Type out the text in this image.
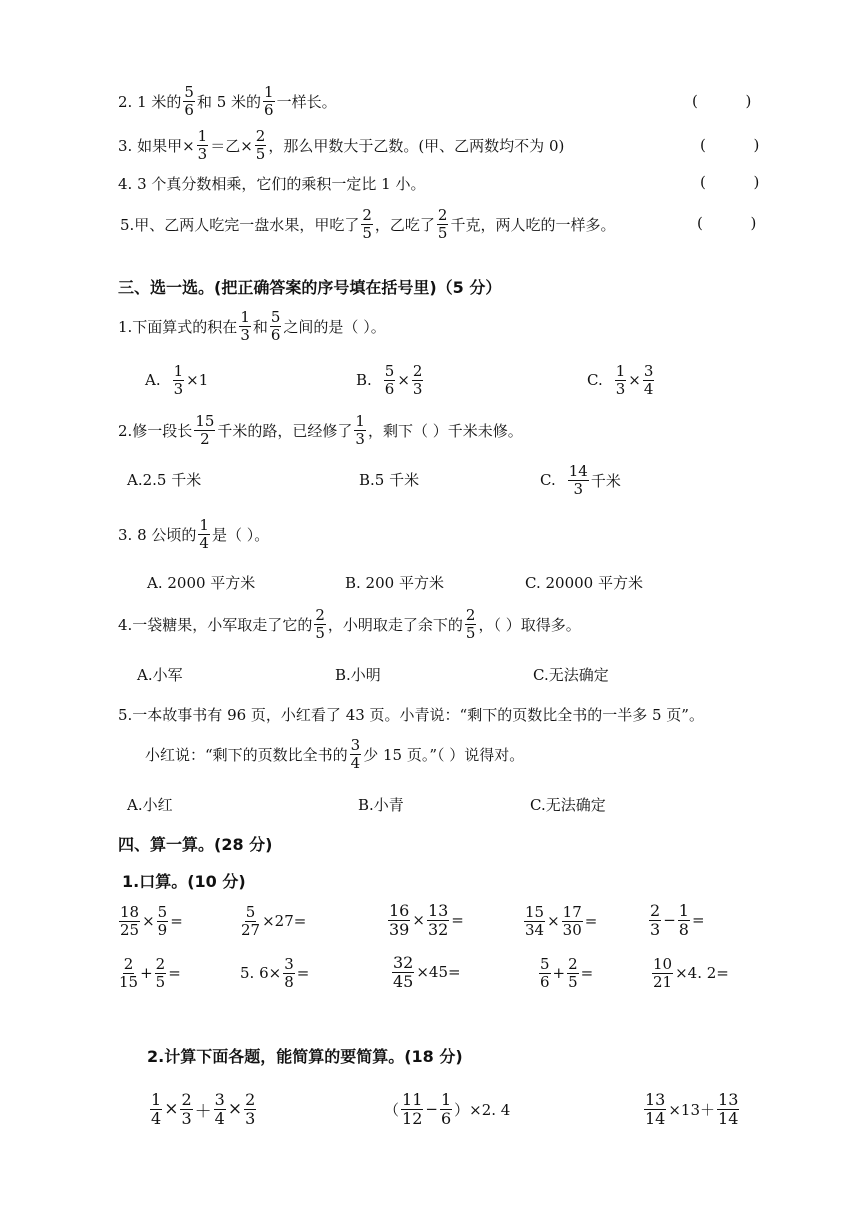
2. 1 米的 $\frac{5}{6}$ 和 5 米的 $\frac{1}{6}$ 一样长。	(          )
3. 如果甲× $\frac{1}{3}$ ＝乙× $\frac{2}{5}$ ，那么甲数大于乙数。(甲、乙两数均不为 0)	(          )
4. 3 个真分数相乘，它们的乘积一定比 1 小。	(          )
5.甲、乙两人吃完一盘水果，甲吃了 $\frac{2}{5}$ ，乙吃了 $\frac{2}{5}$ 千克，两人吃的一样多。	(          )
三、选一选。(把正确答案的序号填在括号里)（5 分）
1.下面算式的积在 $\frac{1}{3}$ 和 $\frac{5}{6}$ 之间的是（ ）。
A. $\frac{1}{3} \times 1$	B. $\frac{5}{6} \times \frac{2}{3}$	C. $\frac{1}{3} \times \frac{3}{4}$
2.修一段长 $\frac{15}{2}$ 千米的路，已经修了 $\frac{1}{3}$ ，剩下（ ）千米未修。
A.2.5 千米	B.5 千米	C. $\frac{14}{3}$ 千米
3. 8 公顷的 $\frac{1}{4}$ 是（ ）。
A. 2000 平方米	B. 200 平方米	C. 20000 平方米
4.一袋糖果，小军取走了它的 $\frac{2}{5}$ ，小明取走了余下的 $\frac{2}{5}$ ，（ ）取得多。
A.小军	B.小明	C.无法确定
5.一本故事书有 96 页，小红看了 43 页。小青说：“剩下的页数比全书的一半多 5 页”。
小红说：“剩下的页数比全书的 $\frac{3}{4}$ 少 15 页。”（ ）说得对。
A.小红	B.小青	C.无法确定
四、算一算。(28 分)
1.口算。(10 分)
$\frac{18}{25} \times \frac{5}{9}$ =	$\frac{5}{27} \times 27=$	$\frac{16}{39} \times \frac{13}{32}$ =	$\frac{15}{34} \times \frac{17}{30}$ =	$\frac{2}{3} - \frac{1}{8}$ =
$\frac{2}{15} + \frac{2}{5}$ =	5. $6\times \frac{3}{8}$ =	$\frac{32}{45} \times 45=$	$\frac{5}{6} + \frac{2}{5}$ =	$\frac{10}{21} \times 4$. 2=
2.计算下面各题，能简算的要简算。(18 分)
$\frac{1}{4} \times \frac{2}{3} + \frac{3}{4} \times \frac{2}{3}$	（ $\frac{11}{12} - \frac{1}{6} )\times 2$. 4	$\frac{13}{14} \times 13+ \frac{13}{14}$
